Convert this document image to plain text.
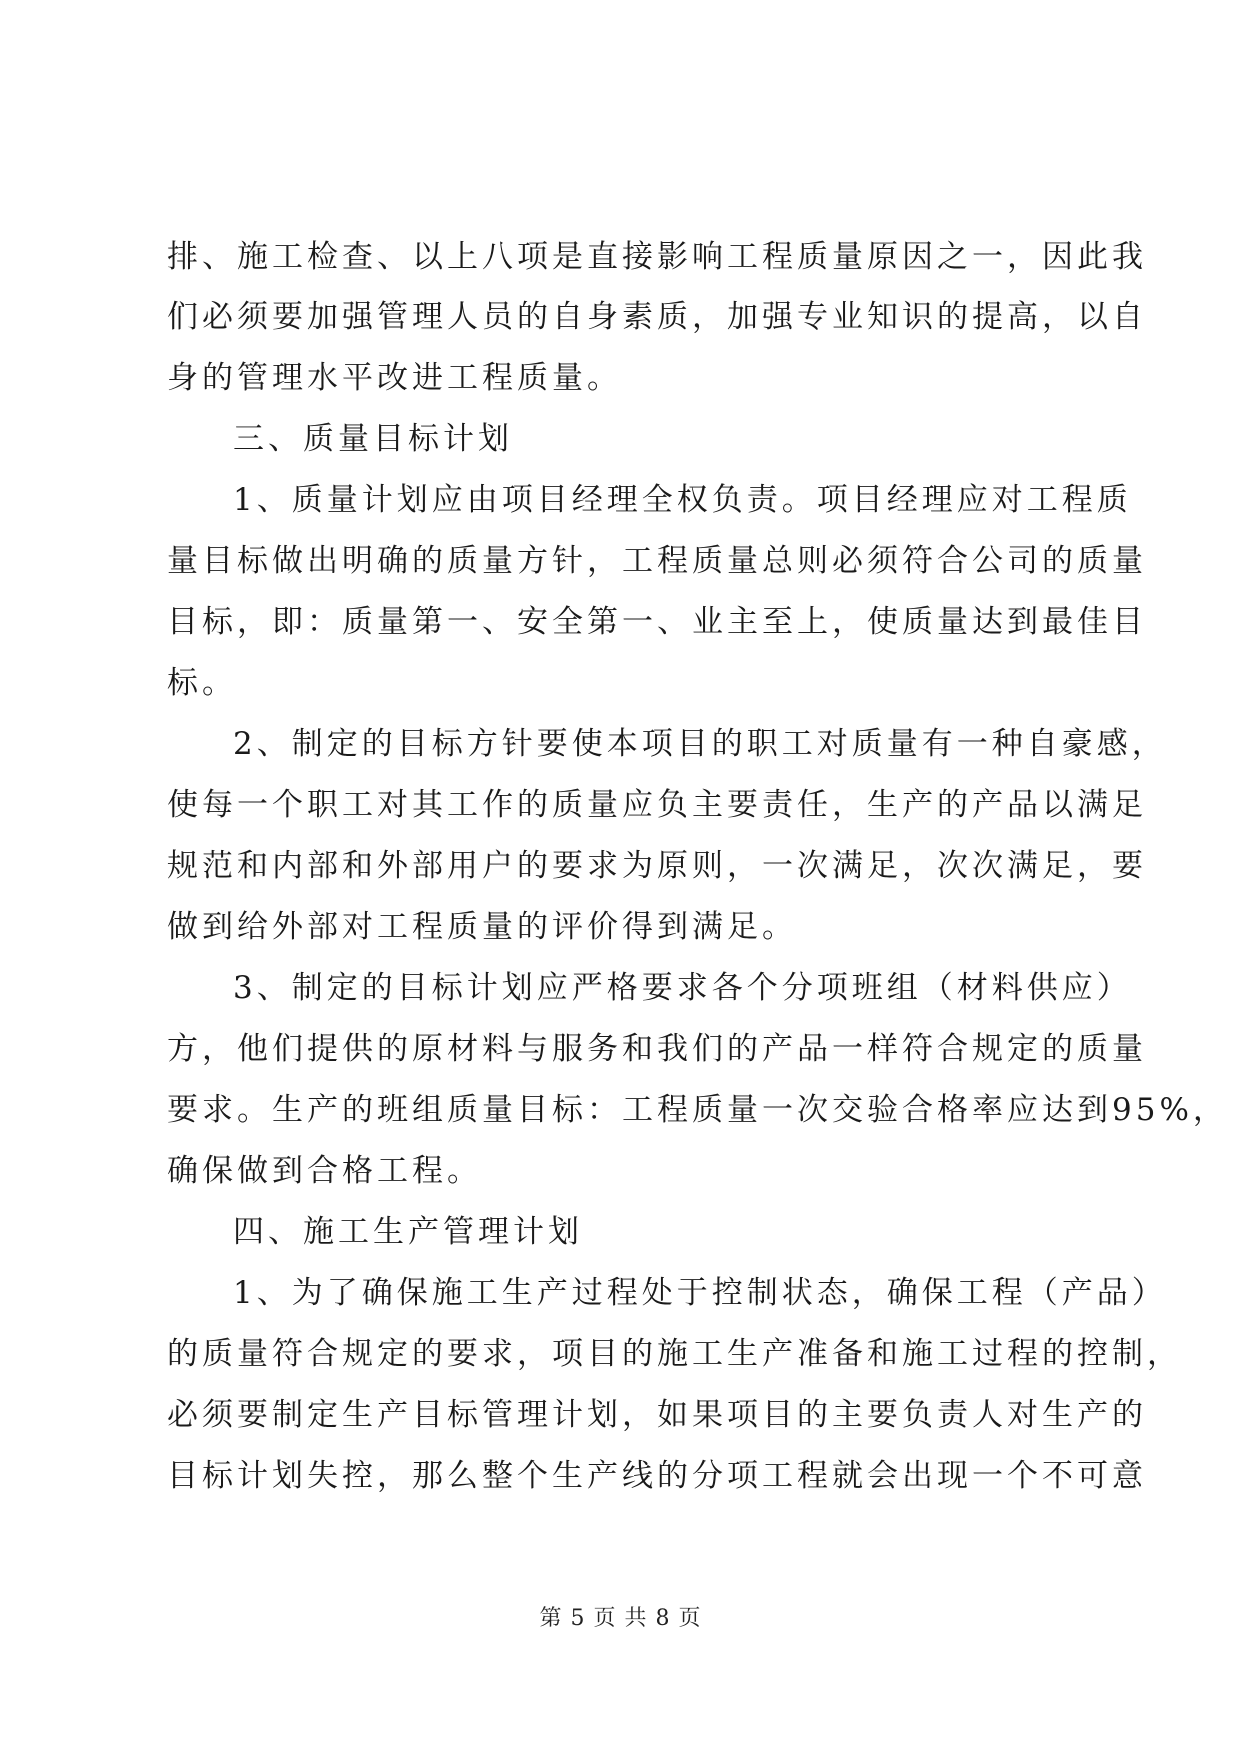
排、施工检查、以上八项是直接影响工程质量原因之一，因此我
们必须要加强管理人员的自身素质，加强专业知识的提高，以自
身的管理水平改进工程质量。
三、质量目标计划
1、质量计划应由项目经理全权负责。项目经理应对工程质
量目标做出明确的质量方针，工程质量总则必须符合公司的质量
目标，即：质量第一、安全第一、业主至上，使质量达到最佳目
标。
2、制定的目标方针要使本项目的职工对质量有一种自豪感，
使每一个职工对其工作的质量应负主要责任，生产的产品以满足
规范和内部和外部用户的要求为原则，一次满足，次次满足，要
做到给外部对工程质量的评价得到满足。
3、制定的目标计划应严格要求各个分项班组（材料供应）
方，他们提供的原材料与服务和我们的产品一样符合规定的质量
要求。生产的班组质量目标：工程质量一次交验合格率应达到95%，
确保做到合格工程。
四、施工生产管理计划
1、为了确保施工生产过程处于控制状态，确保工程（产品）
的质量符合规定的要求，项目的施工生产准备和施工过程的控制，
必须要制定生产目标管理计划，如果项目的主要负责人对生产的
目标计划失控，那么整个生产线的分项工程就会出现一个不可意
第 5 页 共 8 页
